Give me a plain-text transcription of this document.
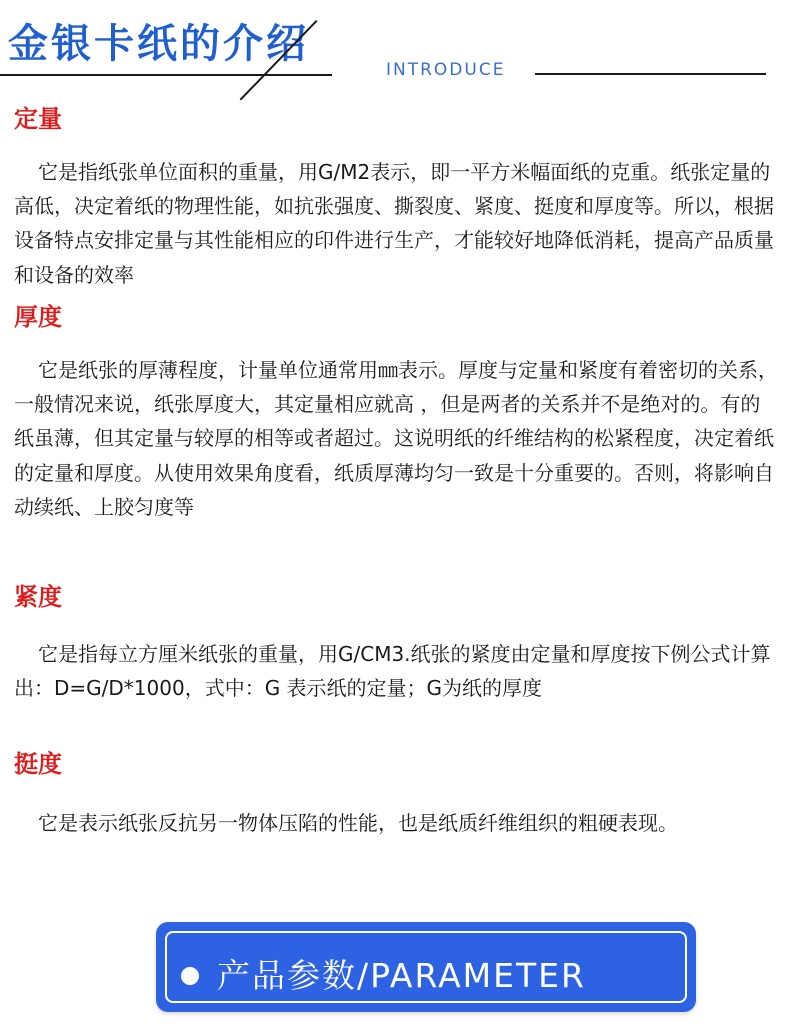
金银卡纸的介绍
INTRODUCE
定量

它是指纸张单位面积的重量，用G/M2表示，即一平方米幅面纸的克重。纸张定量的高低，决定着纸的物理性能，如抗张强度、撕裂度、紧度、挺度和厚度等。所以，根据设备特点安排定量与其性能相应的印件进行生产，才能较好地降低消耗，提高产品质量和设备的效率

厚度

它是纸张的厚薄程度，计量单位通常用㎜表示。厚度与定量和紧度有着密切的关系，一般情况来说，纸张厚度大，其定量相应就高 ，但是两者的关系并不是绝对的。有的纸虽薄，但其定量与较厚的相等或者超过。这说明纸的纤维结构的松紧程度，决定着纸的定量和厚度。从使用效果角度看，纸质厚薄均匀一致是十分重要的。否则，将影响自动续纸、上胶匀度等

紧度

它是指每立方厘米纸张的重量，用G/CM3.纸张的紧度由定量和厚度按下例公式计算出：D=G/D*1000，式中：G 表示纸的定量；G为纸的厚度

挺度

它是表示纸张反抗另一物体压陷的性能，也是纸质纤维组织的粗硬表现。

产品参数/PARAMETER
